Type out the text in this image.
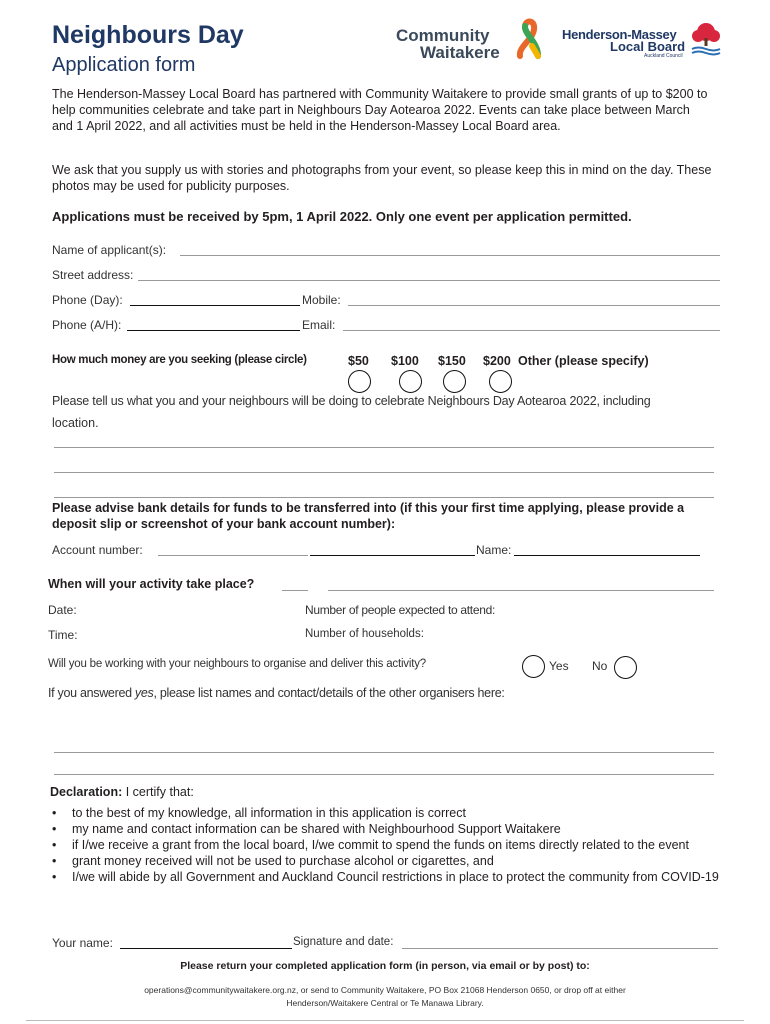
Neighbours Day
Application form
Community
Waitakere
Henderson-Massey
Local Board
Auckland Council
The Henderson-Massey Local Board has partnered with Community Waitakere to provide small grants of up to $200 to help communities celebrate and take part in Neighbours Day Aotearoa 2022. Events can take place between March and 1 April 2022, and all activities must be held in the Henderson-Massey Local Board area.
We ask that you supply us with stories and photographs from your event, so please keep this in mind on the day. These photos may be used for publicity purposes.
Applications must be received by 5pm, 1 April 2022. Only one event per application permitted.
Name of applicant(s):
Street address:
Phone (Day):	Mobile:
Phone (A/H):	Email:
How much money are you seeking (please circle)	$50 $100 $150 $200 Other (please specify)
Please tell us what you and your neighbours will be doing to celebrate Neighbours Day Aotearoa 2022, including
location.
Please advise bank details for funds to be transferred into (if this your first time applying, please provide a deposit slip or screenshot of your bank account number):
Account number:	Name:
When will your activity take place?
Date:	Number of people expected to attend:
Time:	Number of households:
Will you be working with your neighbours to organise and deliver this activity?	Yes No
If you answered yes, please list names and contact/details of the other organisers here:
Declaration: I certify that:
• to the best of my knowledge, all information in this application is correct
• my name and contact information can be shared with Neighbourhood Support Waitakere
• if I/we receive a grant from the local board, I/we commit to spend the funds on items directly related to the event
• grant money received will not be used to purchase alcohol or cigarettes, and
• I/we will abide by all Government and Auckland Council restrictions in place to protect the community from COVID-19
Your name:	Signature and date:
Please return your completed application form (in person, via email or by post) to:
operations@communitywaitakere.org.nz, or send to Community Waitakere, PO Box 21068 Henderson 0650, or drop off at either
Henderson/Waitakere Central or Te Manawa Library.
